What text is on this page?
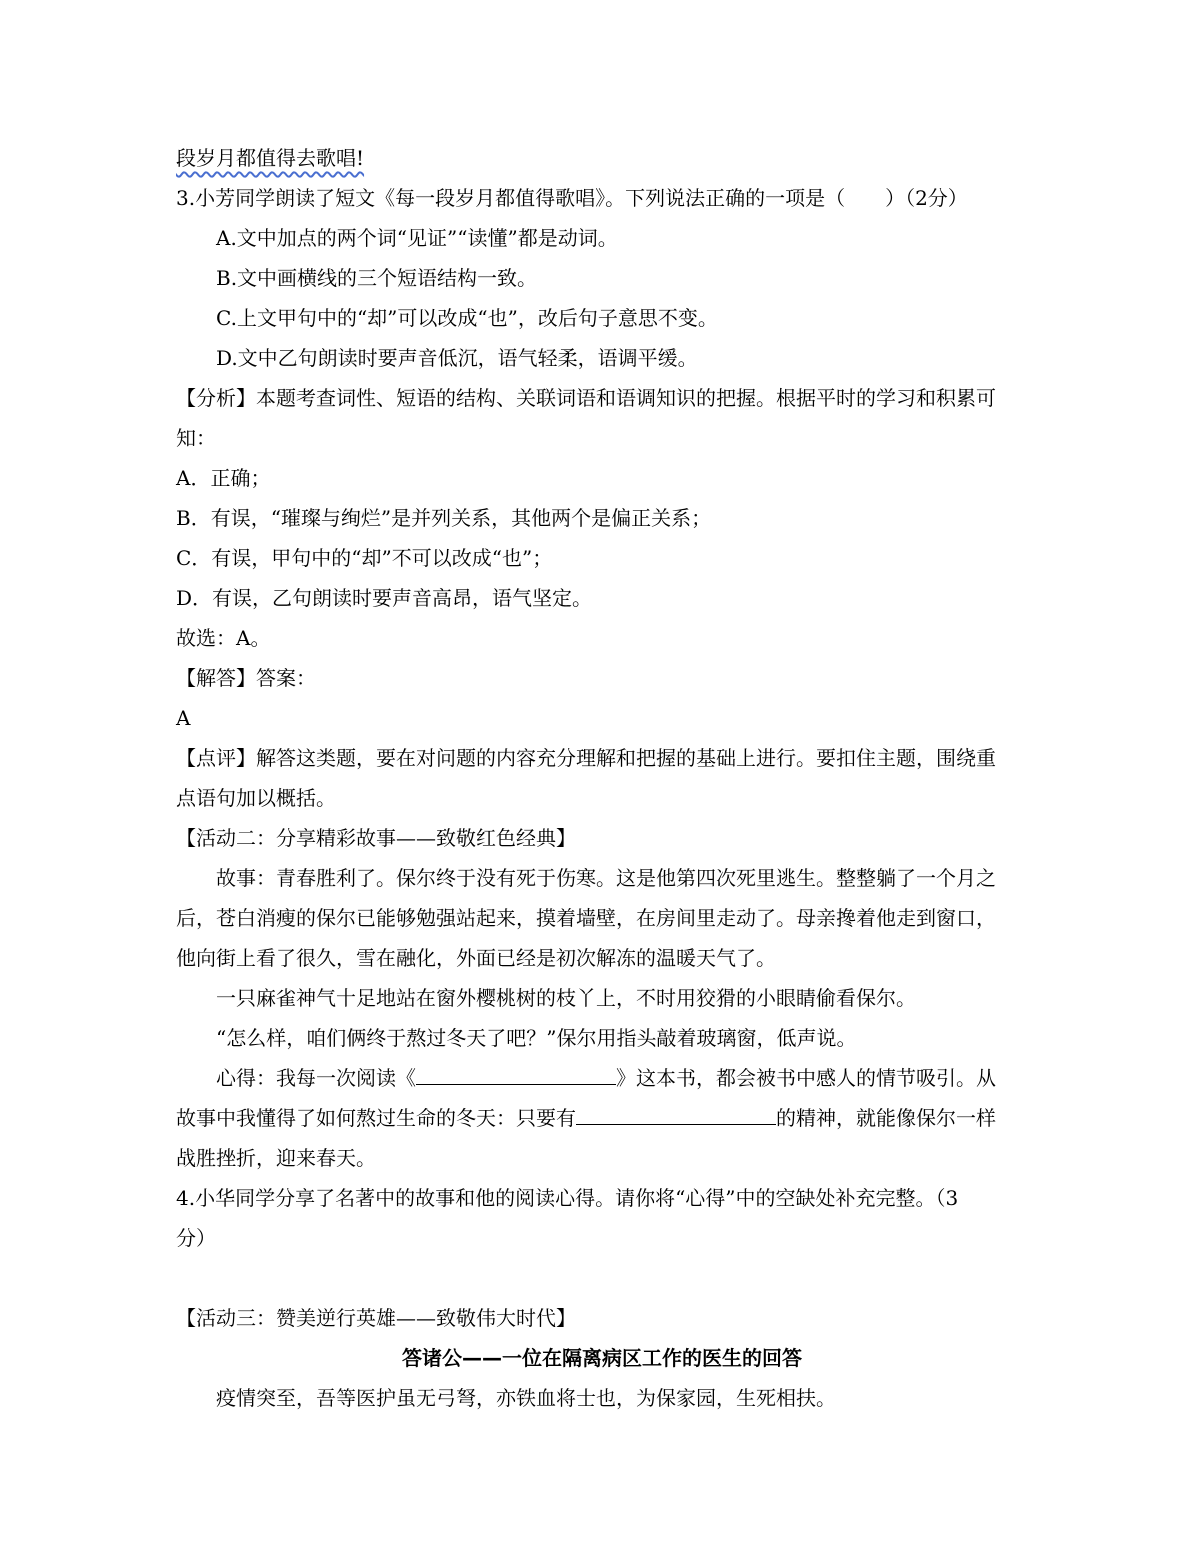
段岁月都值得去歌唱!
3.小芳同学朗读了短文《每一段岁月都值得歌唱》。下列说法正确的一项是（　　）（2分）
A.文中加点的两个词“见证”“读懂”都是动词。
B.文中画横线的三个短语结构一致。
C.上文甲句中的“却”可以改成“也”，改后句子意思不变。
D.文中乙句朗读时要声音低沉，语气轻柔，语调平缓。
【分析】本题考查词性、短语的结构、关联词语和语调知识的把握。根据平时的学习和积累可
知：
A．正确；
B．有误，“璀璨与绚烂”是并列关系，其他两个是偏正关系；
C．有误，甲句中的“却”不可以改成“也”；
D．有误，乙句朗读时要声音高昂，语气坚定。
故选：A。
【解答】答案：
A
【点评】解答这类题，要在对问题的内容充分理解和把握的基础上进行。要扣住主题，围绕重
点语句加以概括。
【活动二：分享精彩故事——致敬红色经典】
故事：青春胜利了。保尔终于没有死于伤寒。这是他第四次死里逃生。整整躺了一个月之
后，苍白消瘦的保尔已能够勉强站起来，摸着墙壁，在房间里走动了。母亲搀着他走到窗口，
他向街上看了很久，雪在融化，外面已经是初次解冻的温暖天气了。
一只麻雀神气十足地站在窗外樱桃树的枝丫上，不时用狡猾的小眼睛偷看保尔。
“怎么样，咱们俩终于熬过冬天了吧？”保尔用指头敲着玻璃窗，低声说。
心得：我每一次阅读《	》这本书，都会被书中感人的情节吸引。从
故事中我懂得了如何熬过生命的冬天：只要有	的精神，就能像保尔一样
战胜挫折，迎来春天。
4.小华同学分享了名著中的故事和他的阅读心得。请你将“心得”中的空缺处补充完整。（3
分）
【活动三：赞美逆行英雄——致敬伟大时代】
答诸公——一位在隔离病区工作的医生的回答
疫情突至，吾等医护虽无弓弩，亦铁血将士也，为保家园，生死相扶。
